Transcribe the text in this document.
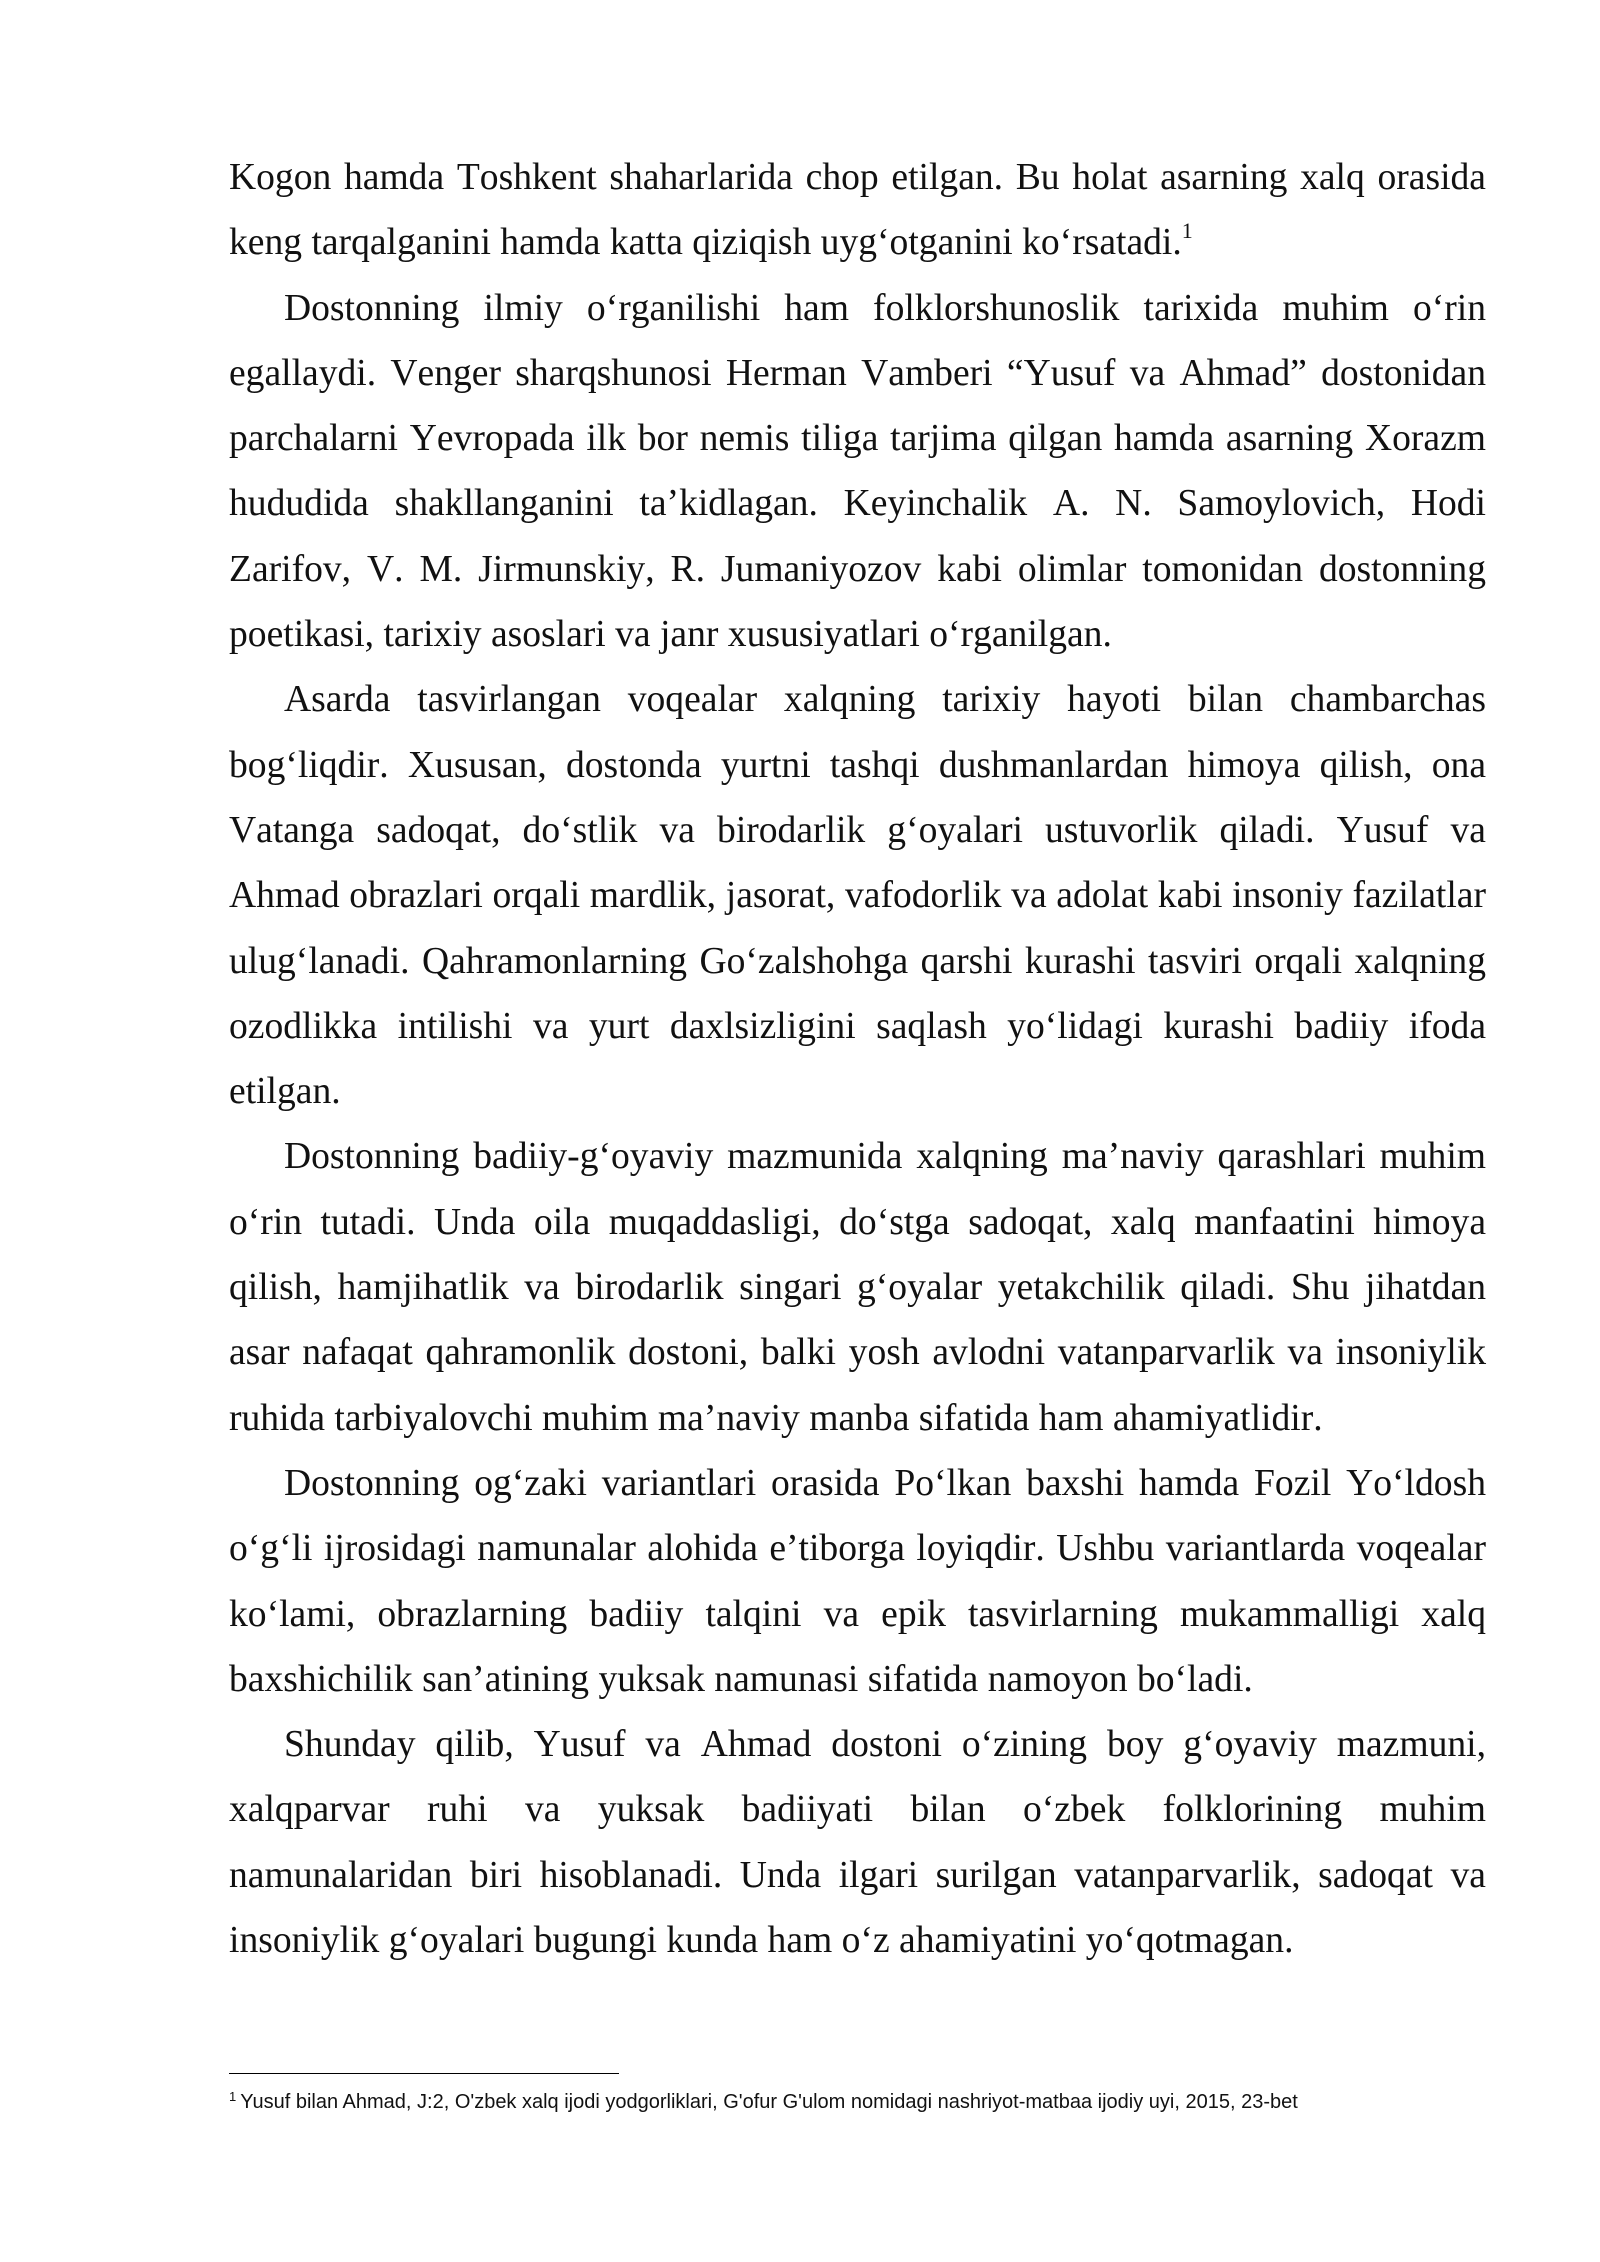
Kogon hamda Toshkent shaharlarida chop etilgan. Bu holat asarning xalq orasida keng tarqalganini hamda katta qiziqish uyg‘otganini ko‘rsatadi.$^1$

Dostonning ilmiy o‘rganilishi ham folklorshunoslik tarixida muhim o‘rin egallaydi. Venger sharqshunosi Herman Vamberi “Yusuf va Ahmad” dostonidan parchalarni Yevropada ilk bor nemis tiliga tarjima qilgan hamda asarning Xorazm hududida shakllanganini ta’kidlagan. Keyinchalik A. N. Samoylovich, Hodi Zarifov, V. M. Jirmunskiy, R. Jumaniyozov kabi olimlar tomonidan dostonning poetikasi, tarixiy asoslari va janr xususiyatlari o‘rganilgan.

Asarda tasvirlangan voqealar xalqning tarixiy hayoti bilan chambarchas bog‘liqdir. Xususan, dostonda yurtni tashqi dushmanlardan himoya qilish, ona Vatanga sadoqat, do‘stlik va birodarlik g‘oyalari ustuvorlik qiladi. Yusuf va Ahmad obrazlari orqali mardlik, jasorat, vafodorlik va adolat kabi insoniy fazilatlar ulug‘lanadi. Qahramonlarning Go‘zalshohga qarshi kurashi tasviri orqali xalqning ozodlikka intilishi va yurt daxlsizligini saqlash yo‘lidagi kurashi badiiy ifoda etilgan.

Dostonning badiiy-g‘oyaviy mazmunida xalqning ma’naviy qarashlari muhim o‘rin tutadi. Unda oila muqaddasligi, do‘stga sadoqat, xalq manfaatini himoya qilish, hamjihatlik va birodarlik singari g‘oyalar yetakchilik qiladi. Shu jihatdan asar nafaqat qahramonlik dostoni, balki yosh avlodni vatanparvarlik va insoniylik ruhida tarbiyalovchi muhim ma’naviy manba sifatida ham ahamiyatlidir.

Dostonning og‘zaki variantlari orasida Po‘lkan baxshi hamda Fozil Yo‘ldosh o‘g‘li ijrosidagi namunalar alohida e’tiborga loyiqdir. Ushbu variantlarda voqealar ko‘lami, obrazlarning badiiy talqini va epik tasvirlarning mukammalligi xalq baxshichilik san’atining yuksak namunasi sifatida namoyon bo‘ladi.

Shunday qilib, Yusuf va Ahmad dostoni o‘zining boy g‘oyaviy mazmuni, xalqparvar ruhi va yuksak badiiyati bilan o‘zbek folklorining muhim namunalaridan biri hisoblanadi. Unda ilgari surilgan vatanparvarlik, sadoqat va insoniylik g‘oyalari bugungi kunda ham o‘z ahamiyatini yo‘qotmagan.

$^1$ Yusuf bilan Ahmad, J:2, O'zbek xalq ijodi yodgorliklari, G'ofur G'ulom nomidagi nashriyot-matbaa ijodiy uyi, 2015, 23-bet
